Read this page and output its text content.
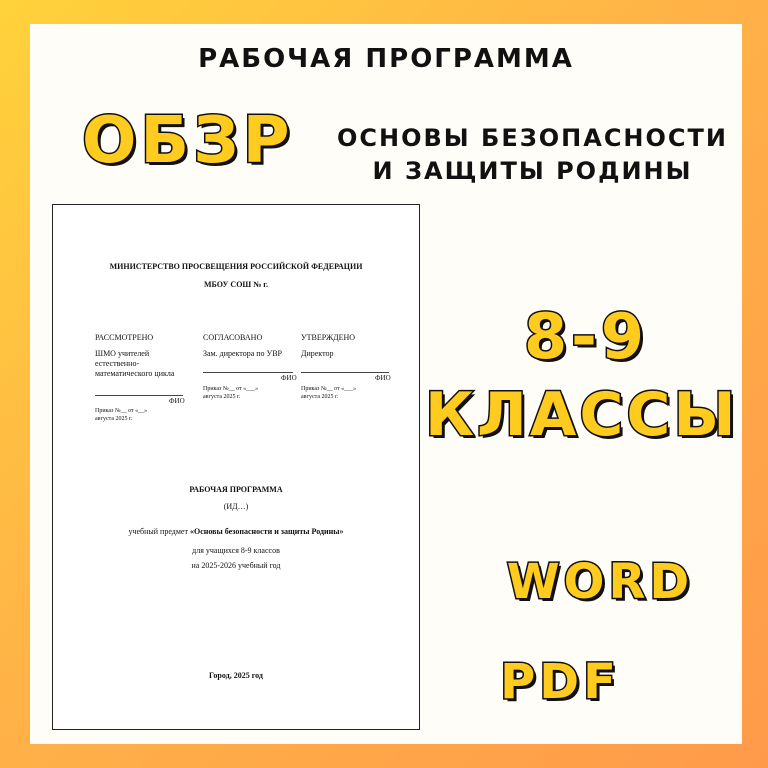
РАБОЧАЯ ПРОГРАММА
ОБЗР ОСНОВЫ БЕЗОПАСНОСТИ
И ЗАЩИТЫ РОДИНЫ
МИНИСТЕРСТВО ПРОСВЕЩЕНИЯ РОССИЙСКОЙ ФЕДЕРАЦИИ
МБОУ СОШ № г.
РАССМОТРЕНО
ШМО учителей
естественно-
математического цикла
ФИО
Приказ №__ от «__»
августа 2025 г.
СОГЛАСОВАНО
Зам. директора по УВР
ФИО
Приказ №__ от «___»
августа 2025 г.
УТВЕРЖДЕНО
Директор
ФИО
Приказ №__ от «___»
августа 2025 г.
РАБОЧАЯ ПРОГРАММА
(ИД…)
учебный предмет «Основы безопасности и защиты Родины»
для учащихся 8-9 классов
на 2025-2026 учебный год
Город, 2025 год
8-9
КЛАССЫ
WORD
PDF
